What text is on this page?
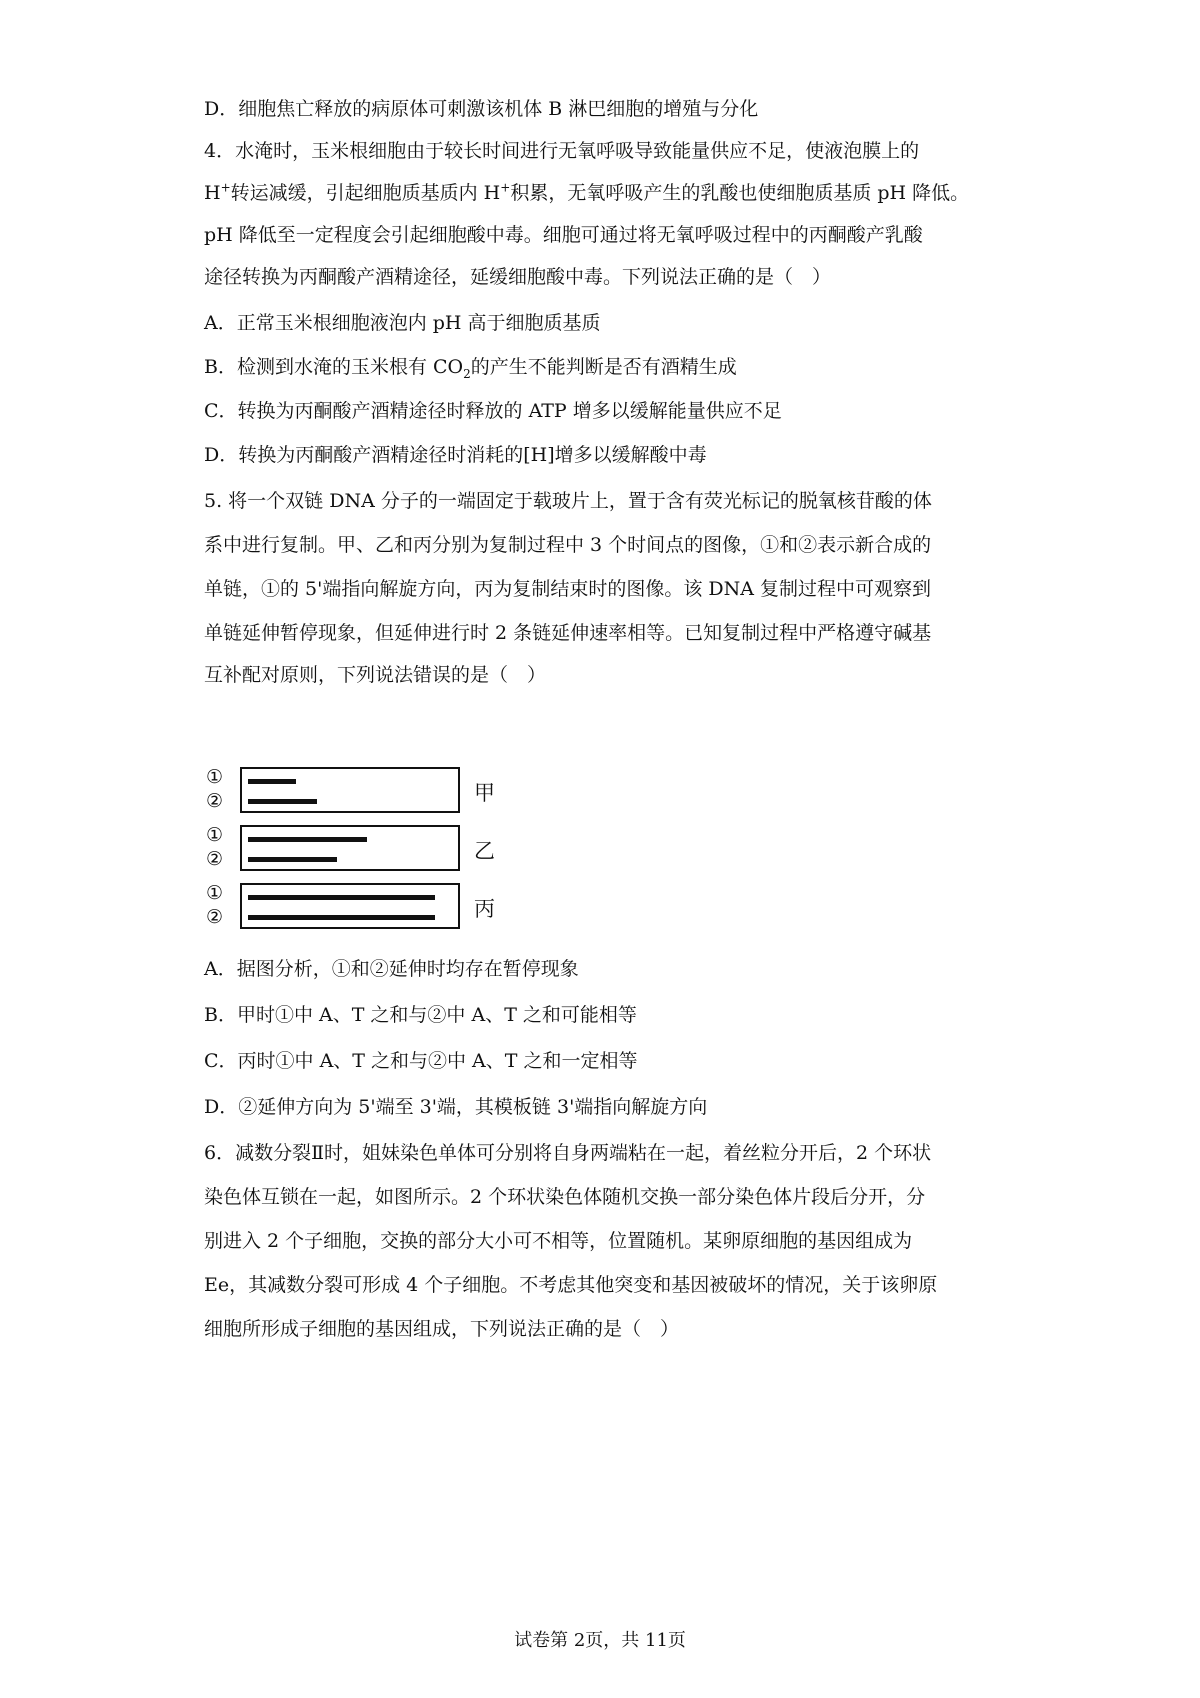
D．细胞焦亡释放的病原体可刺激该机体 B 淋巴细胞的增殖与分化
4．水淹时，玉米根细胞由于较长时间进行无氧呼吸导致能量供应不足，使液泡膜上的
H+转运减缓，引起细胞质基质内 H+积累，无氧呼吸产生的乳酸也使细胞质基质 pH 降低。
pH 降低至一定程度会引起细胞酸中毒。细胞可通过将无氧呼吸过程中的丙酮酸产乳酸
途径转换为丙酮酸产酒精途径，延缓细胞酸中毒。下列说法正确的是（　）
A．正常玉米根细胞液泡内 pH 高于细胞质基质
B．检测到水淹的玉米根有 $CO_2$的产生不能判断是否有酒精生成
C．转换为丙酮酸产酒精途径时释放的 ATP 增多以缓解能量供应不足
D．转换为丙酮酸产酒精途径时消耗的[H]增多以缓解酸中毒
5. 将一个双链 DNA 分子的一端固定于载玻片上，置于含有荧光标记的脱氧核苷酸的体
系中进行复制。甲、乙和丙分别为复制过程中 3 个时间点的图像，①和②表示新合成的
单链，①的 5'端指向解旋方向，丙为复制结束时的图像。该 DNA 复制过程中可观察到
单链延伸暂停现象，但延伸进行时 2 条链延伸速率相等。已知复制过程中严格遵守碱基
互补配对原则，下列说法错误的是（　）
①
②	甲
①
②	乙
①
②	丙
A．据图分析，①和②延伸时均存在暂停现象
B．甲时①中 A、T 之和与②中 A、T 之和可能相等
C．丙时①中 A、T 之和与②中 A、T 之和一定相等
D．②延伸方向为 5'端至 3'端，其模板链 3'端指向解旋方向
6．减数分裂Ⅱ时，姐妹染色单体可分别将自身两端粘在一起，着丝粒分开后，2 个环状
染色体互锁在一起，如图所示。2 个环状染色体随机交换一部分染色体片段后分开，分
别进入 2 个子细胞，交换的部分大小可不相等，位置随机。某卵原细胞的基因组成为
Ee，其减数分裂可形成 4 个子细胞。不考虑其他突变和基因被破坏的情况，关于该卵原
细胞所形成子细胞的基因组成，下列说法正确的是（　）
试卷第 2页，共 11页
